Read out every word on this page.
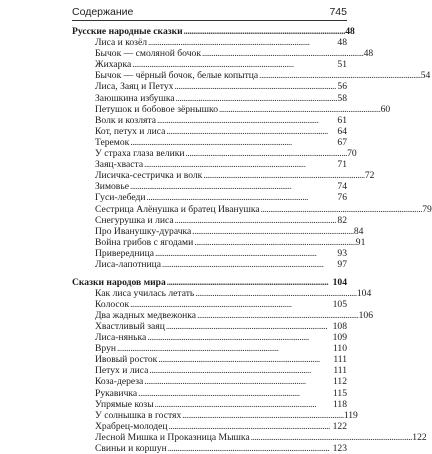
Содержание	745
Русские народные сказки . . .	48
Лиса и козёл . . .	48
Бычок — смоляной бочок . . .	48
Жихарка . . .	51
Бычок — чёрный бочок, белые копытца . . .	54
Лиса, Заяц и Петух . . .	56
Заюшкина избушка . . .	58
Петушок и бобовое зёрнышко . . .	60
Волк и козлята . . .	61
Кот, петух и лиса . . .	64
Теремок . . .	67
У страха глаза велики . . .	70
Заяц-хваста . . .	71
Лисичка-сестричка и волк . . .	72
Зимовье . . .	74
Гуси-лебеди . . .	76
Сестрица Алёнушка и братец Иванушка . . .	79
Снегурушка и лиса . . .	82
Про Иванушку-дурачка . . .	84
Война грибов с ягодами . . .	91
Привередница . . .	93
Лиса-лапотница . . .	97
Сказки народов мира . . .	104
Как лиса училась летать . . .	104
Колосок . . .	105
Два жадных медвежонка . . .	106
Хвастливый заяц . . .	108
Лиса-нянька . . .	109
Врун . . .	110
Ивовый росток . . .	111
Петух и лиса . . .	111
Коза-дереза . . .	112
Рукавичка . . .	115
Упрямые козы . . .	118
У солнышка в гостях . . .	119
Храбрец-молодец . . .	122
Лесной Мишка и Проказница Мышка . . .	122
Свиньи и коршун . . .	123
